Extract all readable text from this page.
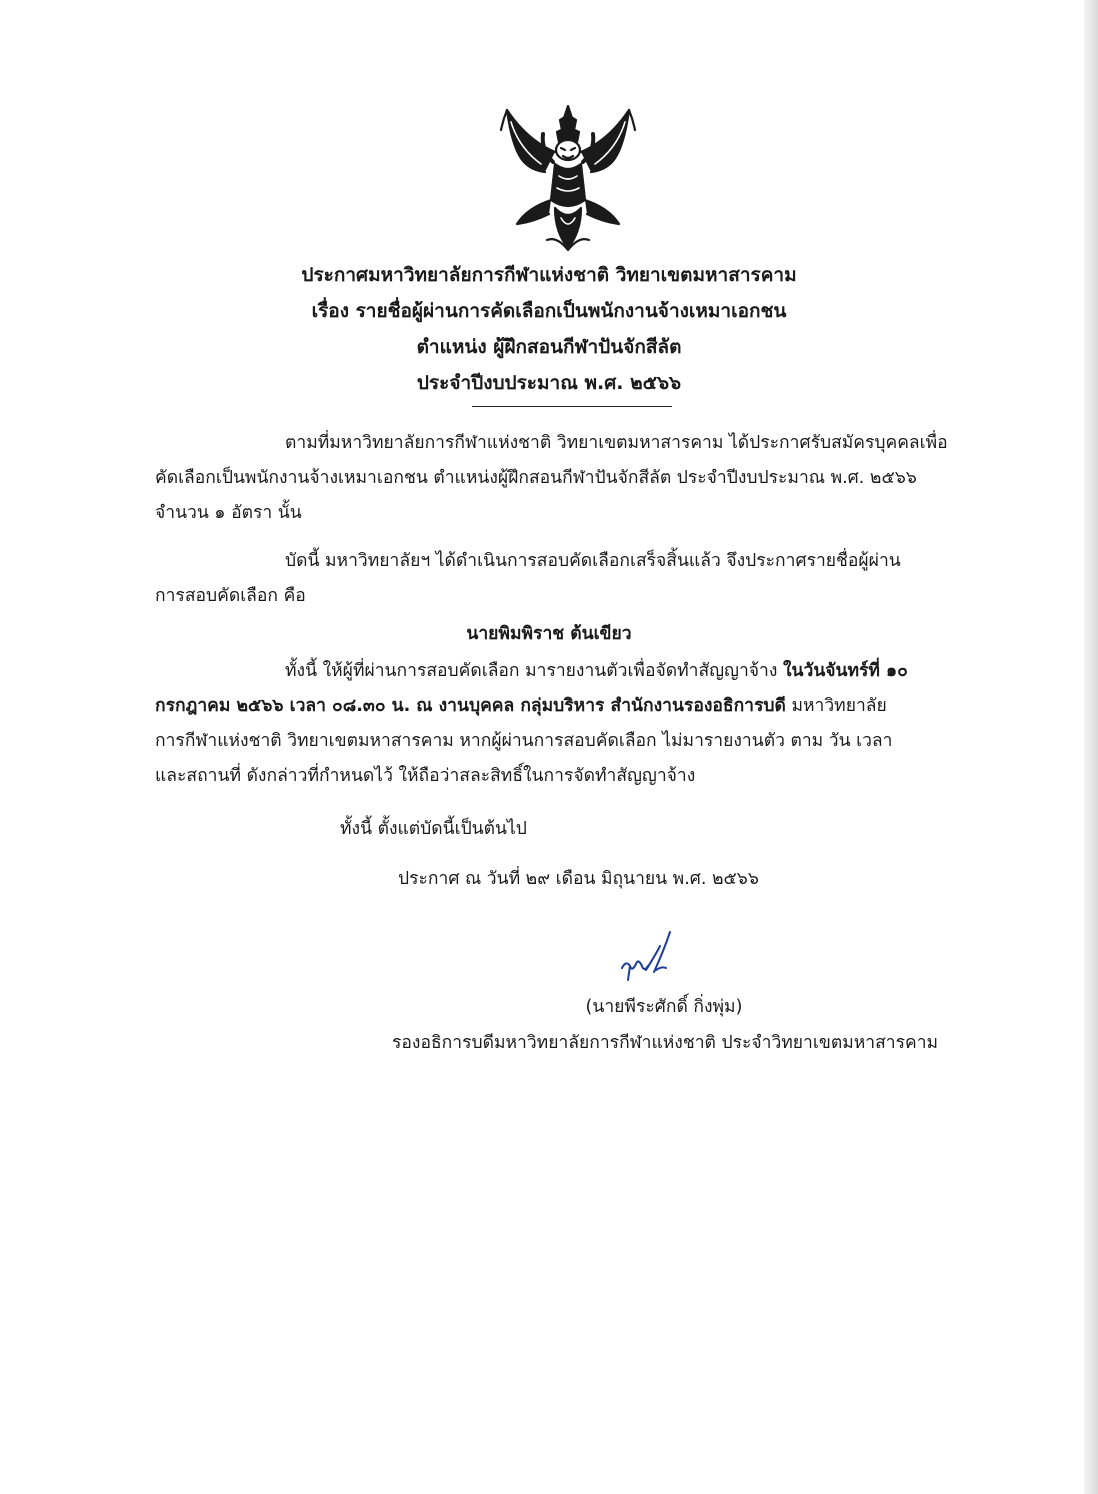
ประกาศมหาวิทยาลัยการกีฬาแห่งชาติ วิทยาเขตมหาสารคาม
เรื่อง รายชื่อผู้ผ่านการคัดเลือกเป็นพนักงานจ้างเหมาเอกชน
ตำแหน่ง ผู้ฝึกสอนกีฬาปันจักสีลัต
ประจำปีงบประมาณ พ.ศ. ๒๕๖๖
ตามที่มหาวิทยาลัยการกีฬาแห่งชาติ วิทยาเขตมหาสารคาม ได้ประกาศรับสมัครบุคคลเพื่อ
คัดเลือกเป็นพนักงานจ้างเหมาเอกชน ตำแหน่งผู้ฝึกสอนกีฬาปันจักสีลัต ประจำปีงบประมาณ พ.ศ. ๒๕๖๖
จำนวน ๑ อัตรา นั้น
บัดนี้ มหาวิทยาลัยฯ ได้ดำเนินการสอบคัดเลือกเสร็จสิ้นแล้ว จึงประกาศรายชื่อผู้ผ่าน
การสอบคัดเลือก คือ
นายพิมพิราช ต้นเขียว
ทั้งนี้ ให้ผู้ที่ผ่านการสอบคัดเลือก มารายงานตัวเพื่อจัดทำสัญญาจ้าง ในวันจันทร์ที่ ๑๐
กรกฎาคม ๒๕๖๖ เวลา ๐๘.๓๐ น. ณ งานบุคคล กลุ่มบริหาร สำนักงานรองอธิการบดี มหาวิทยาลัย
การกีฬาแห่งชาติ วิทยาเขตมหาสารคาม หากผู้ผ่านการสอบคัดเลือก ไม่มารายงานตัว ตาม วัน เวลา
และสถานที่ ดังกล่าวที่กำหนดไว้ ให้ถือว่าสละสิทธิ์ในการจัดทำสัญญาจ้าง
ทั้งนี้ ตั้งแต่บัดนี้เป็นต้นไป
ประกาศ ณ วันที่ ๒๙ เดือน มิถุนายน พ.ศ. ๒๕๖๖
(นายพีระศักดิ์ กิ่งพุ่ม)
รองอธิการบดีมหาวิทยาลัยการกีฬาแห่งชาติ ประจำวิทยาเขตมหาสารคาม
